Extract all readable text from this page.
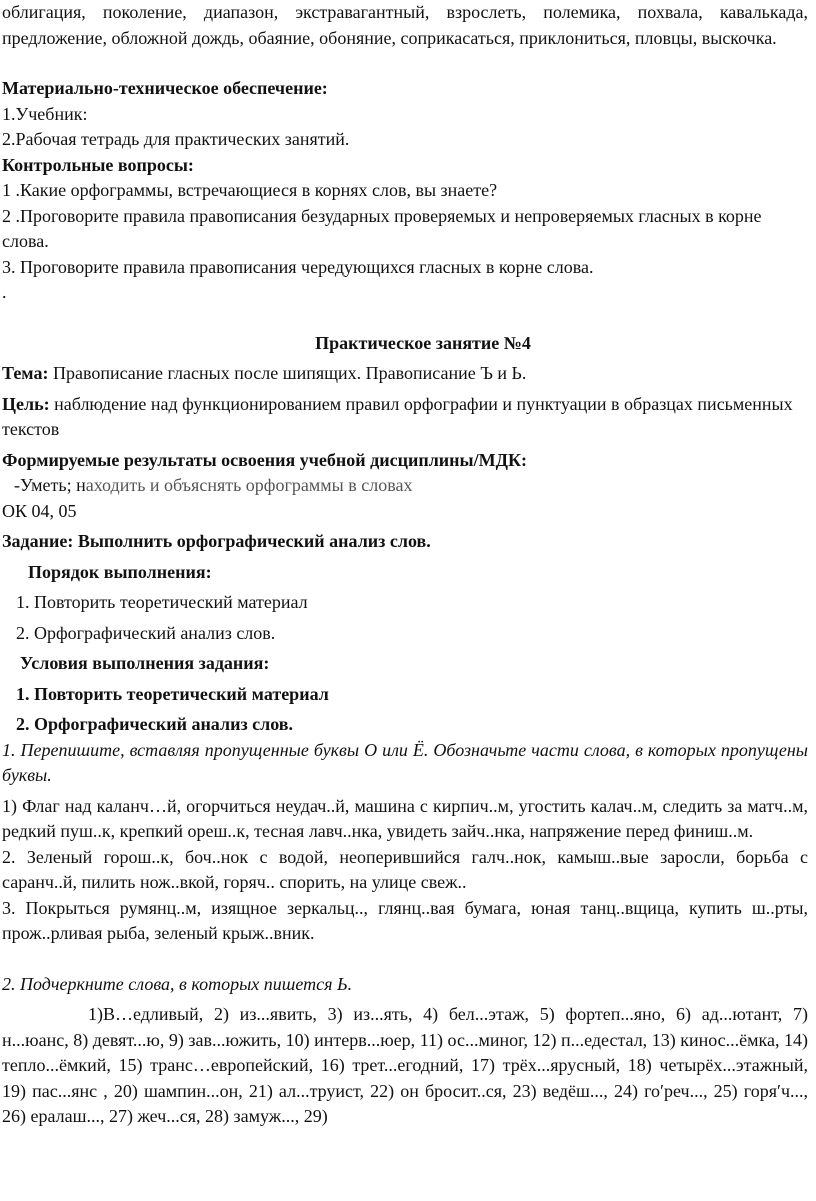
облигация, поколение, диапазон, экстравагантный, взрослеть, полемика, похвала, кавалькада, предложение, обложной дождь, обаяние, обоняние, соприкасаться, приклониться, пловцы, выскочка.

Материально-техническое обеспечение:

1.Учебник:

2.Рабочая тетрадь для практических занятий.

Контрольные вопросы:

1 .Какие орфограммы, встречающиеся в корнях слов, вы знаете?

2 .Проговорите правила правописания безударных проверяемых и непроверяемых гласных в корне слова.

3. Проговорите правила правописания чередующихся гласных в корне слова.

.

Практическое занятие №4

Тема: Правописание гласных после шипящих. Правописание Ъ и Ь.

Цель: наблюдение над функционированием правил орфографии и пунктуации в образцах письменных текстов

Формируемые результаты освоения учебной дисциплины/МДК:

-Уметь; находить и объяснять орфограммы в словах

ОК 04, 05

Задание: Выполнить орфографический анализ слов.

Порядок выполнения:

1. Повторить теоретический материал

2. Орфографический анализ слов.

Условия выполнения задания:

1. Повторить теоретический материал

2. Орфографический анализ слов.

1. Перепишите, вставляя пропущенные буквы О или Ё. Обозначьте части слова, в которых пропущены буквы.

1) Флаг над каланч…й, огорчиться неудач..й, машина с кирпич..м, угостить калач..м, следить за матч..м, редкий пуш..к, крепкий ореш..к, тесная лавч..нка, увидеть зайч..нка, напряжение перед финиш..м.

2. Зеленый горош..к, боч..нок с водой, неоперившийся галч..нок, камыш..вые заросли, борьба с саранч..й, пилить нож..вкой, горяч.. спорить, на улице свеж..

3. Покрыться румянц..м, изящное зеркальц.., глянц..вая бумага, юная танц..вщица, купить ш..рты, прож..рливая рыба, зеленый крыж..вник.

2. Подчеркните слова, в которых пишется Ь.

1)В…едливый, 2) из...явить, 3) из...ять, 4) бел...этаж, 5) фортеп...яно, 6) ад...ютант, 7) н...юанс, 8) девят...ю, 9) зав...южить, 10) интерв...юер, 11) ос...миног, 12) п...едестал, 13) кинос...ёмка, 14) тепло...ёмкий, 15) транс…европейский, 16) трет...егодний, 17) трёх...ярусный, 18) четырёх...этажный, 19) пас...янс , 20) шампин...он, 21) ал...труист, 22) он бросит..ся, 23) ведёш..., 24) го′реч..., 25) горя′ч..., 26) ералаш..., 27) жеч...ся, 28) замуж..., 29)
